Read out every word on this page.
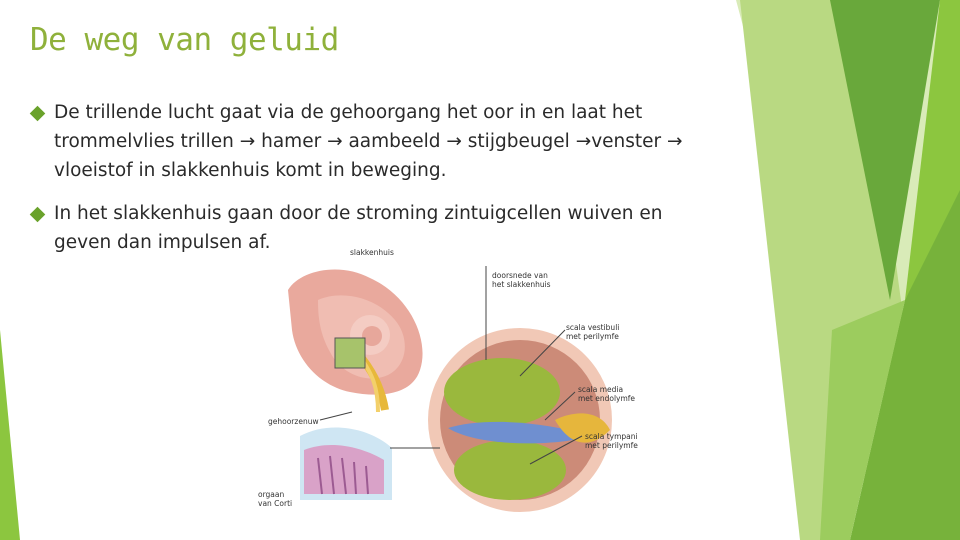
De weg van geluid
De trillende lucht gaat via de gehoorgang het oor in en laat het trommelvlies trillen → hamer → aambeeld → stijgbeugel →venster → vloeistof in slakkenhuis komt in beweging.
In het slakkenhuis gaan door de stroming zintuigcellen wuiven en geven dan impulsen af.	slakkenhuis
doorsnede van
het slakkenhuis
scala vestibuli
met perilymfe
scala media
met endolymfe
scala tympani
met perilymfe
gehoorzenuw
orgaan
van Corti
